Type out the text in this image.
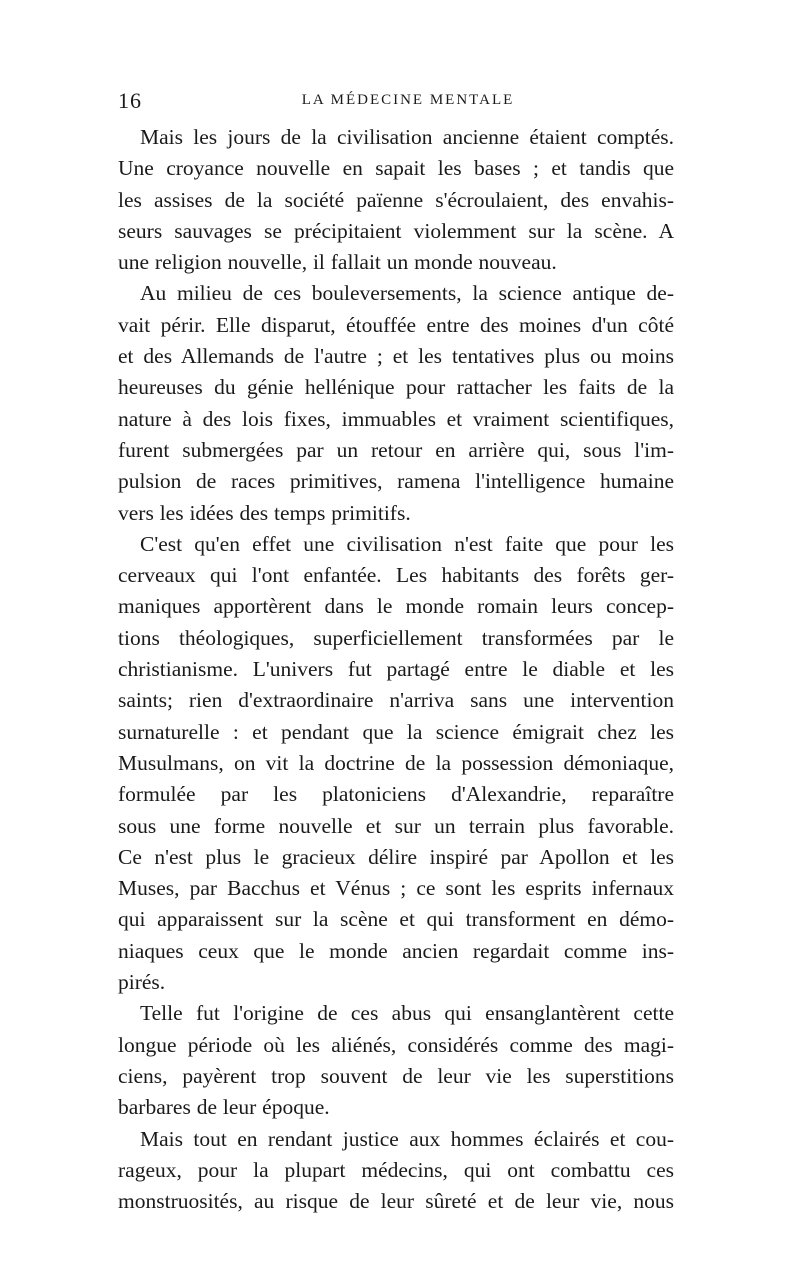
16	LA MÉDECINE MENTALE
Mais les jours de la civilisation ancienne étaient comptés.
Une croyance nouvelle en sapait les bases ; et tandis que
les assises de la société païenne s'écroulaient, des envahis-
seurs sauvages se précipitaient violemment sur la scène. A
une religion nouvelle, il fallait un monde nouveau.
Au milieu de ces bouleversements, la science antique de-
vait périr. Elle disparut, étouffée entre des moines d'un côté
et des Allemands de l'autre ; et les tentatives plus ou moins
heureuses du génie hellénique pour rattacher les faits de la
nature à des lois fixes, immuables et vraiment scientifiques,
furent submergées par un retour en arrière qui, sous l'im-
pulsion de races primitives, ramena l'intelligence humaine
vers les idées des temps primitifs.
C'est qu'en effet une civilisation n'est faite que pour les
cerveaux qui l'ont enfantée. Les habitants des forêts ger-
maniques apportèrent dans le monde romain leurs concep-
tions théologiques, superficiellement transformées par le
christianisme. L'univers fut partagé entre le diable et les
saints; rien d'extraordinaire n'arriva sans une intervention
surnaturelle : et pendant que la science émigrait chez les
Musulmans, on vit la doctrine de la possession démoniaque,
formulée par les platoniciens d'Alexandrie, reparaître
sous une forme nouvelle et sur un terrain plus favorable.
Ce n'est plus le gracieux délire inspiré par Apollon et les
Muses, par Bacchus et Vénus ; ce sont les esprits infernaux
qui apparaissent sur la scène et qui transforment en démo-
niaques ceux que le monde ancien regardait comme ins-
pirés.
Telle fut l'origine de ces abus qui ensanglantèrent cette
longue période où les aliénés, considérés comme des magi-
ciens, payèrent trop souvent de leur vie les superstitions
barbares de leur époque.
Mais tout en rendant justice aux hommes éclairés et cou-
rageux, pour la plupart médecins, qui ont combattu ces
monstruosités, au risque de leur sûreté et de leur vie, nous
